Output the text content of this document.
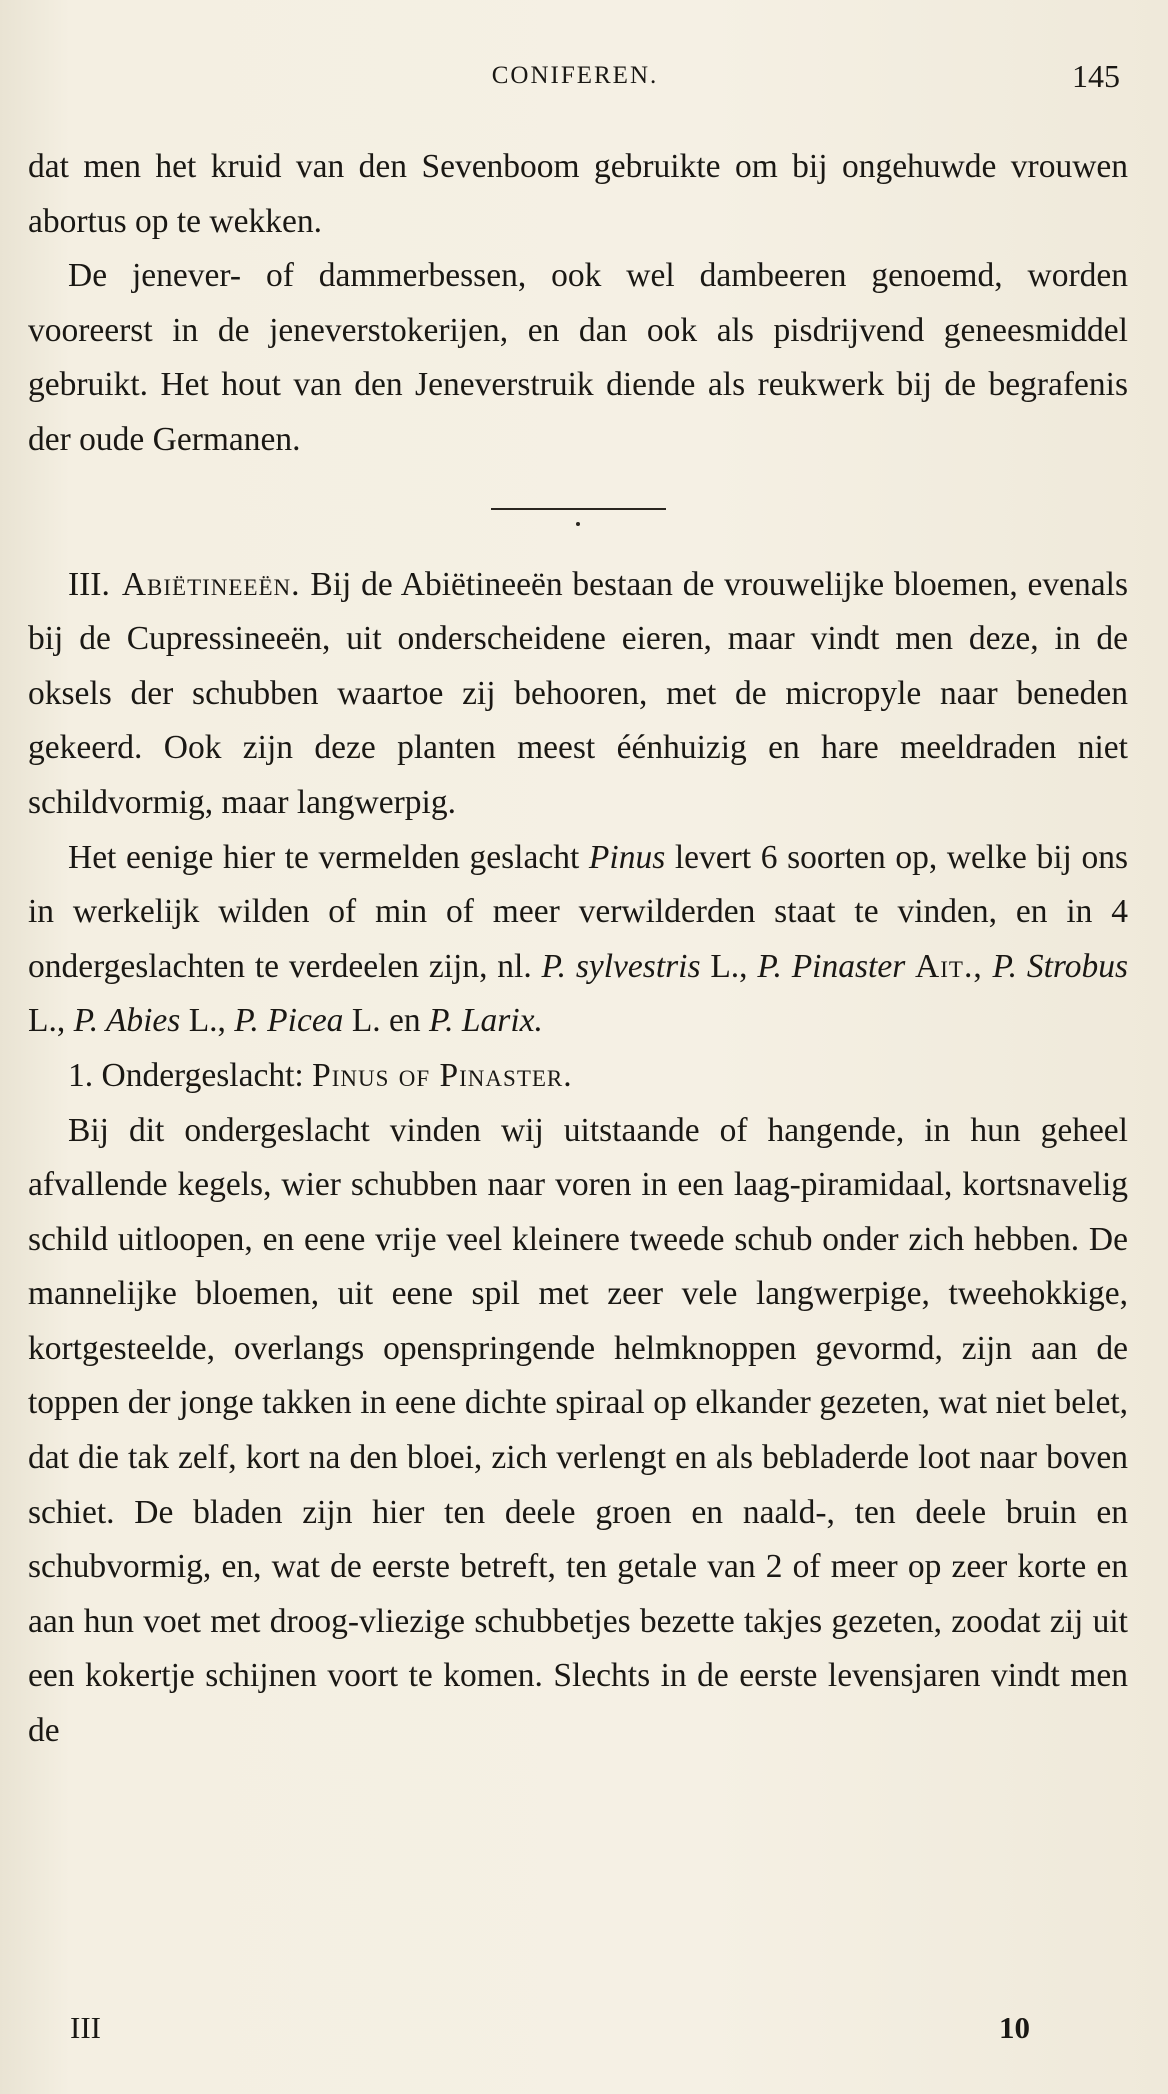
CONIFEREN.	145

dat men het kruid van den Sevenboom gebruikte om bij ongehuwde vrouwen abortus op te wekken.

De jenever- of dammerbessen, ook wel dambeeren genoemd, worden vooreerst in de jeneverstokerijen, en dan ook als pisdrijvend geneesmiddel gebruikt. Het hout van den Jeneverstruik diende als reukwerk bij de begrafenis der oude Germanen.

III. Abiëtineeën. Bij de Abiëtineeën bestaan de vrouwelijke bloemen, evenals bij de Cupressineeën, uit onderscheidene eieren, maar vindt men deze, in de oksels der schubben waartoe zij behooren, met de micropyle naar beneden gekeerd. Ook zijn deze planten meest éénhuizig en hare meeldraden niet schildvormig, maar langwerpig.

Het eenige hier te vermelden geslacht Pinus levert 6 soorten op, welke bij ons in werkelijk wilden of min of meer verwilderden staat te vinden, en in 4 ondergeslachten te verdeelen zijn, nl. P. sylvestris L., P. Pinaster Ait., P. Strobus L., P. Abies L., P. Picea L. en P. Larix.

1. Ondergeslacht: Pinus of Pinaster.

Bij dit ondergeslacht vinden wij uitstaande of hangende, in hun geheel afvallende kegels, wier schubben naar voren in een laag-piramidaal, kortsnavelig schild uitloopen, en eene vrije veel kleinere tweede schub onder zich hebben. De mannelijke bloemen, uit eene spil met zeer vele langwerpige, tweehokkige, kortgesteelde, overlangs openspringende helmknoppen gevormd, zijn aan de toppen der jonge takken in eene dichte spiraal op elkander gezeten, wat niet belet, dat die tak zelf, kort na den bloei, zich verlengt en als bebladerde loot naar boven schiet. De bladen zijn hier ten deele groen en naald-, ten deele bruin en schubvormig, en, wat de eerste betreft, ten getale van 2 of meer op zeer korte en aan hun voet met droog-vliezige schubbetjes bezette takjes gezeten, zoodat zij uit een kokertje schijnen voort te komen. Slechts in de eerste levensjaren vindt men de

III	10
